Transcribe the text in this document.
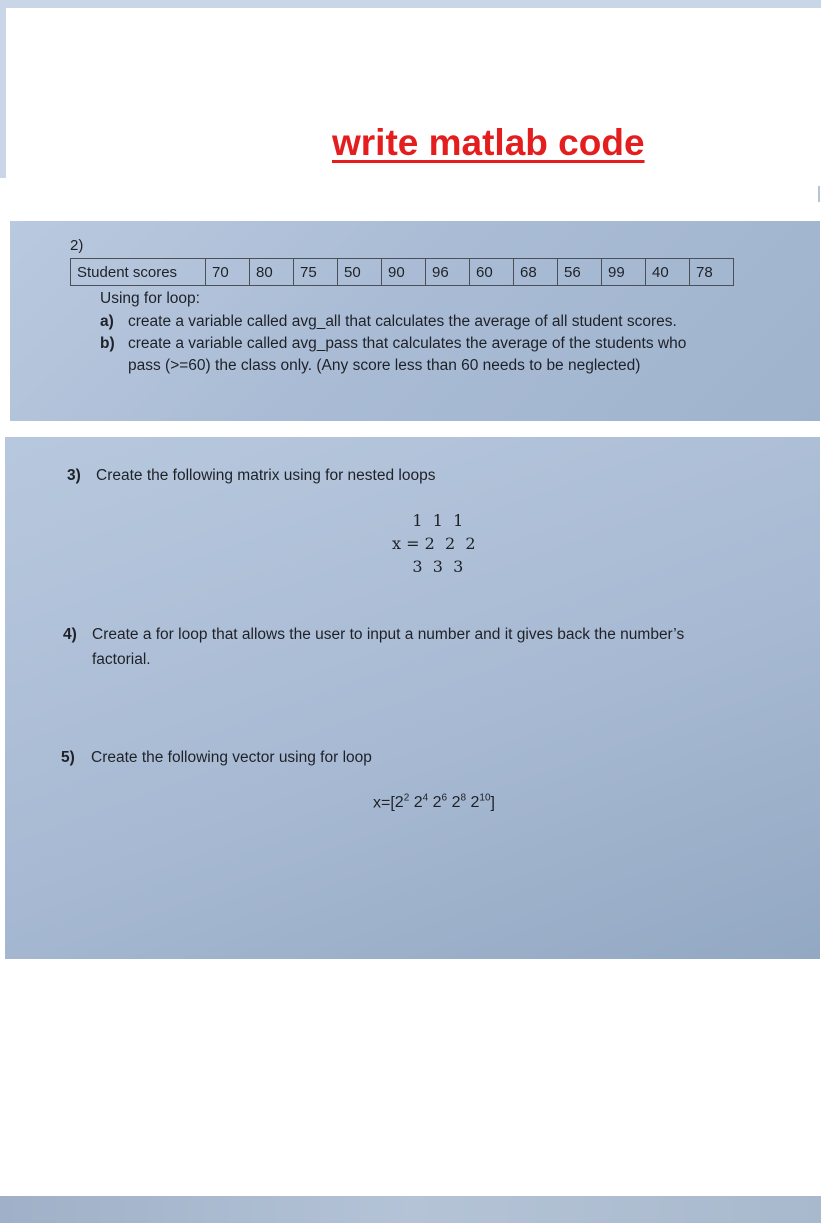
write matlab code
2)
Student scores	70	80	75	50	90	96	60	68	56	99	40	78
Using for loop:
a) create a variable called avg_all that calculates the average of all student scores.
b) create a variable called avg_pass that calculates the average of the students who
pass (>=60) the class only. (Any score less than 60 needs to be neglected)
3) Create the following matrix using for nested loops
1 1 1
x = 2 2 2
3 3 3
4) Create a for loop that allows the user to input a number and it gives back the number’s
factorial.
5) Create the following vector using for loop
$x=[2^2$ $2^4$ $2^6$ $2^8$ $2^{10}$]
